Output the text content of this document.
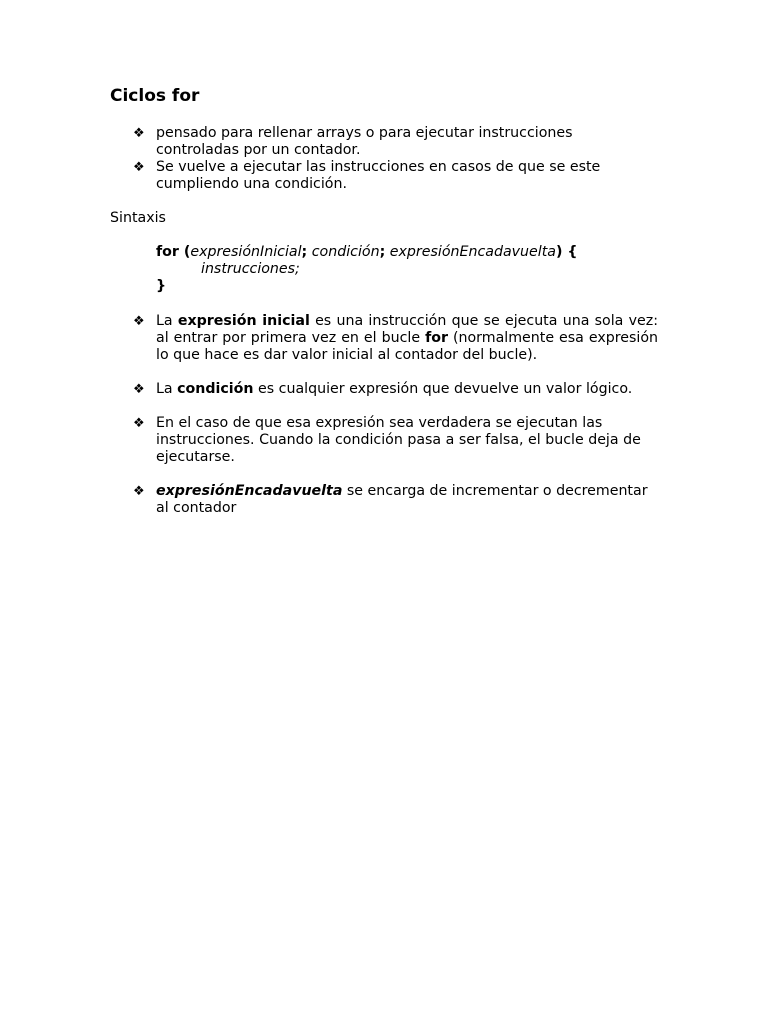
Ciclos for
❖ pensado para rellenar arrays o para ejecutar instrucciones controladas por un contador.
❖ Se vuelve a ejecutar las instrucciones en casos de que se este cumpliendo una condición.

Sintaxis

for (expresiónInicial; condición; expresiónEncadavuelta) {
instrucciones;
}
❖ La expresión inicial es una instrucción que se ejecuta una sola vez: al entrar por primera vez en el bucle for (normalmente esa expresión lo que hace es dar valor inicial al contador del bucle).
❖ La condición es cualquier expresión que devuelve un valor lógico.
❖ En el caso de que esa expresión sea verdadera se ejecutan las instrucciones. Cuando la condición pasa a ser falsa, el bucle deja de ejecutarse.
❖ expresiónEncadavuelta se encarga de incrementar o decrementar al contador
